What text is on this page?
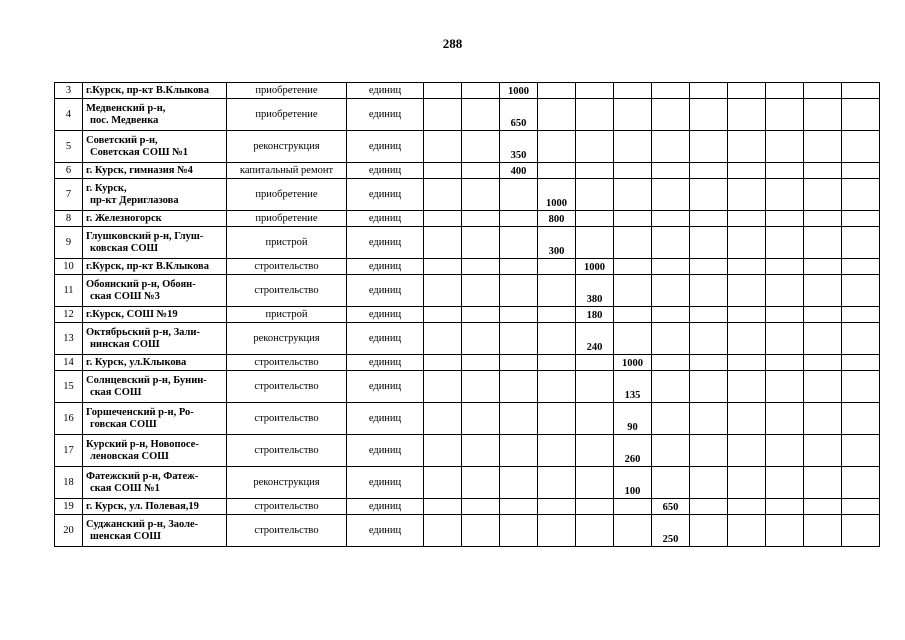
288
3	г.Курск, пр-кт В.Клыкова	приобретение	единиц			1000									
4	Медвенский р-н,
пос. Медвенка	приобретение	единиц			650									
5	Советский р-н,
Советская СОШ №1	реконструкция	единиц			350									
6	г. Курск, гимназия №4	капитальный ремонт	единиц			400									
7	г. Курск,
пр-кт Дериглазова	приобретение	единиц				1000								
8	г. Железногорск	приобретение	единиц				800								
9	Глушковский р-н, Глуш-
ковская СОШ	пристрой	единиц				300								
10	г.Курск, пр-кт В.Клыкова	строительство	единиц					1000							
11	Обоянский р-н, Обоян-
ская СОШ №3	строительство	единиц					380							
12	г.Курск, СОШ №19	пристрой	единиц					180							
13	Октябрьский р-н, Зали-
нинская СОШ	реконструкция	единиц					240							
14	г. Курск, ул.Клыкова	строительство	единиц						1000						
15	Солнцевский р-н, Бунин-
ская СОШ	строительство	единиц						135						
16	Горшеченский р-н, Ро-
говская СОШ	строительство	единиц						90						
17	Курский р-н, Новопосе-
леновская СОШ	строительство	единиц						260						
18	Фатежский р-н, Фатеж-
ская СОШ №1	реконструкция	единиц						100						
19	г. Курск, ул. Полевая,19	строительство	единиц							650					
20	Суджанский р-н, Заоле-
шенская СОШ	строительство	единиц							250					
